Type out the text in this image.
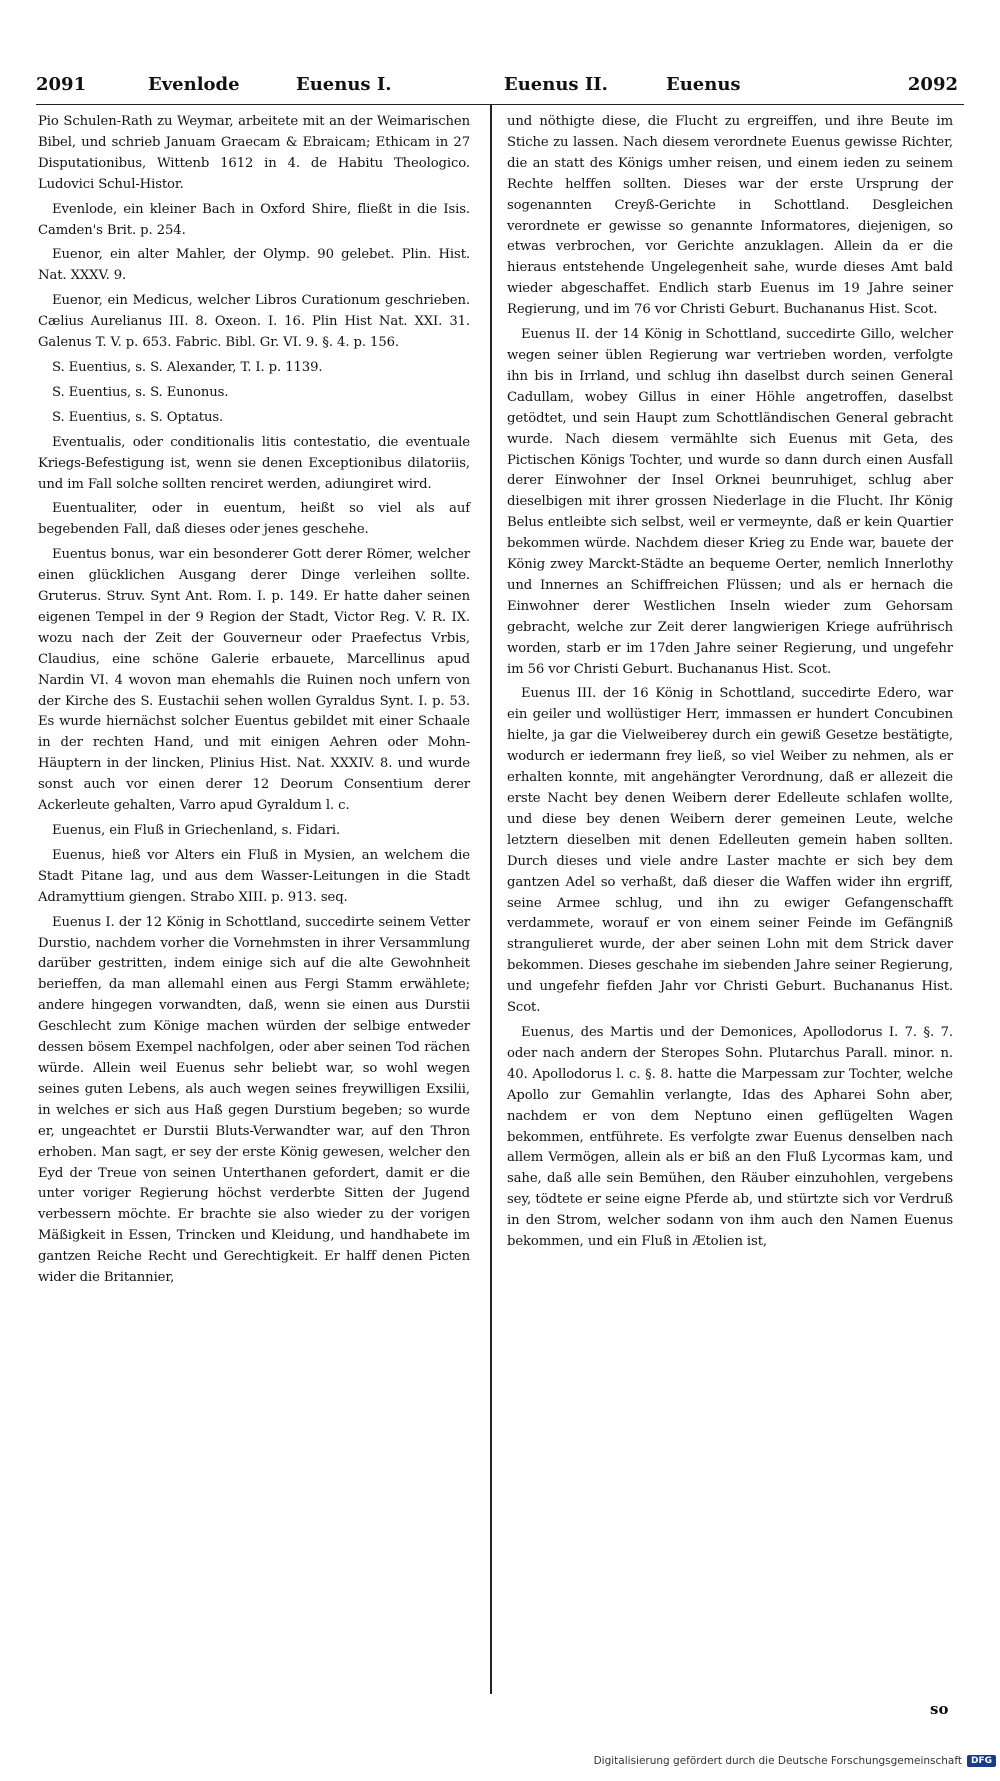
2091	Evenlode	Euenus I.	Euenus II.	Euenus	2092

Pio Schulen-Rath zu Weymar, arbeitete mit an der Weimarischen Bibel, und schrieb Januam Graecam & Ebraicam; Ethicam in 27 Disputationibus, Wittenb 1612 in 4. de Habitu Theologico. Ludovici Schul-Histor.

Evenlode, ein kleiner Bach in Oxford Shire, fließt in die Isis. Camden's Brit. p. 254.

Euenor, ein alter Mahler, der Olymp. 90 gelebet. Plin. Hist. Nat. XXXV. 9.

Euenor, ein Medicus, welcher Libros Curationum geschrieben. Cælius Aurelianus III. 8. Oxeon. I. 16. Plin Hist Nat. XXI. 31. Galenus T. V. p. 653. Fabric. Bibl. Gr. VI. 9. §. 4. p. 156.

S. Euentius, s. S. Alexander, T. I. p. 1139.

S. Euentius, s. S. Eunonus.

S. Euentius, s. S. Optatus.

Eventualis, oder conditionalis litis contestatio, die eventuale Kriegs-Befestigung ist, wenn sie denen Exceptionibus dilatoriis, und im Fall solche sollten renciret werden, adiungiret wird.

Euentualiter, oder in euentum, heißt so viel als auf begebenden Fall, daß dieses oder jenes geschehe.

Euentus bonus, war ein besonderer Gott derer Römer, welcher einen glücklichen Ausgang derer Dinge verleihen sollte. Gruterus. Struv. Synt Ant. Rom. I. p. 149. Er hatte daher seinen eigenen Tempel in der 9 Region der Stadt, Victor Reg. V. R. IX. wozu nach der Zeit der Gouverneur oder Praefectus Vrbis, Claudius, eine schöne Galerie erbauete, Marcellinus apud Nardin VI. 4 wovon man ehemahls die Ruinen noch unfern von der Kirche des S. Eustachii sehen wollen Gyraldus Synt. I. p. 53. Es wurde hiernächst solcher Euentus gebildet mit einer Schaale in der rechten Hand, und mit einigen Aehren oder Mohn-Häuptern in der lincken, Plinius Hist. Nat. XXXIV. 8. und wurde sonst auch vor einen derer 12 Deorum Consentium derer Ackerleute gehalten, Varro apud Gyraldum l. c.

Euenus, ein Fluß in Griechenland, s. Fidari.

Euenus, hieß vor Alters ein Fluß in Mysien, an welchem die Stadt Pitane lag, und aus dem Wasser-Leitungen in die Stadt Adramyttium giengen. Strabo XIII. p. 913. seq.

Euenus I. der 12 König in Schottland, succedirte seinem Vetter Durstio, nachdem vorher die Vornehmsten in ihrer Versammlung darüber gestritten, indem einige sich auf die alte Gewohnheit berieffen, da man allemahl einen aus Fergi Stamm erwählete; andere hingegen vorwandten, daß, wenn sie einen aus Durstii Geschlecht zum Könige machen würden der selbige entweder dessen bösem Exempel nachfolgen, oder aber seinen Tod rächen würde. Allein weil Euenus sehr beliebt war, so wohl wegen seines guten Lebens, als auch wegen seines freywilligen Exsilii, in welches er sich aus Haß gegen Durstium begeben; so wurde er, ungeachtet er Durstii Bluts-Verwandter war, auf den Thron erhoben. Man sagt, er sey der erste König gewesen, welcher den Eyd der Treue von seinen Unterthanen gefordert, damit er die unter voriger Regierung höchst verderbte Sitten der Jugend verbessern möchte. Er brachte sie also wieder zu der vorigen Mäßigkeit in Essen, Trincken und Kleidung, und handhabete im gantzen Reiche Recht und Gerechtigkeit. Er halff denen Picten wider die Britannier,

und nöthigte diese, die Flucht zu ergreiffen, und ihre Beute im Stiche zu lassen. Nach diesem verordnete Euenus gewisse Richter, die an statt des Königs umher reisen, und einem ieden zu seinem Rechte helffen sollten. Dieses war der erste Ursprung der sogenannten Creyß-Gerichte in Schottland. Desgleichen verordnete er gewisse so genannte Informatores, diejenigen, so etwas verbrochen, vor Gerichte anzuklagen. Allein da er die hieraus entstehende Ungelegenheit sahe, wurde dieses Amt bald wieder abgeschaffet. Endlich starb Euenus im 19 Jahre seiner Regierung, und im 76 vor Christi Geburt. Buchananus Hist. Scot.

Euenus II. der 14 König in Schottland, succedirte Gillo, welcher wegen seiner üblen Regierung war vertrieben worden, verfolgte ihn bis in Irrland, und schlug ihn daselbst durch seinen General Cadullam, wobey Gillus in einer Höhle angetroffen, daselbst getödtet, und sein Haupt zum Schottländischen General gebracht wurde. Nach diesem vermählte sich Euenus mit Geta, des Pictischen Königs Tochter, und wurde so dann durch einen Ausfall derer Einwohner der Insel Orknei beunruhiget, schlug aber dieselbigen mit ihrer grossen Niederlage in die Flucht. Ihr König Belus entleibte sich selbst, weil er vermeynte, daß er kein Quartier bekommen würde. Nachdem dieser Krieg zu Ende war, bauete der König zwey Marckt-Städte an bequeme Oerter, nemlich Innerlothy und Innernes an Schiffreichen Flüssen; und als er hernach die Einwohner derer Westlichen Inseln wieder zum Gehorsam gebracht, welche zur Zeit derer langwierigen Kriege aufrührisch worden, starb er im 17den Jahre seiner Regierung, und ungefehr im 56 vor Christi Geburt. Buchananus Hist. Scot.

Euenus III. der 16 König in Schottland, succedirte Edero, war ein geiler und wollüstiger Herr, immassen er hundert Concubinen hielte, ja gar die Vielweiberey durch ein gewiß Gesetze bestätigte, wodurch er iedermann frey ließ, so viel Weiber zu nehmen, als er erhalten konnte, mit angehängter Verordnung, daß er allezeit die erste Nacht bey denen Weibern derer Edelleute schlafen wollte, und diese bey denen Weibern derer gemeinen Leute, welche letztern dieselben mit denen Edelleuten gemein haben sollten. Durch dieses und viele andre Laster machte er sich bey dem gantzen Adel so verhaßt, daß dieser die Waffen wider ihn ergriff, seine Armee schlug, und ihn zu ewiger Gefangenschafft verdammete, worauf er von einem seiner Feinde im Gefängniß strangulieret wurde, der aber seinen Lohn mit dem Strick daver bekommen. Dieses geschahe im siebenden Jahre seiner Regierung, und ungefehr fiefden Jahr vor Christi Geburt. Buchananus Hist. Scot.

Euenus, des Martis und der Demonices, Apollodorus I. 7. §. 7. oder nach andern der Steropes Sohn. Plutarchus Parall. minor. n. 40. Apollodorus l. c. §. 8. hatte die Marpessam zur Tochter, welche Apollo zur Gemahlin verlangte, Idas des Apharei Sohn aber, nachdem er von dem Neptuno einen geflügelten Wagen bekommen, entführete. Es verfolgte zwar Euenus denselben nach allem Vermögen, allein als er biß an den Fluß Lycormas kam, und sahe, daß alle sein Bemühen, den Räuber einzuhohlen, vergebens sey, tödtete er seine eigne Pferde ab, und stürtzte sich vor Verdruß in den Strom, welcher sodann von ihm auch den Namen Euenus bekommen, und ein Fluß in Ætolien ist,

so
Digitalisierung gefördert durch die Deutsche Forschungsgemeinschaft	DFG
